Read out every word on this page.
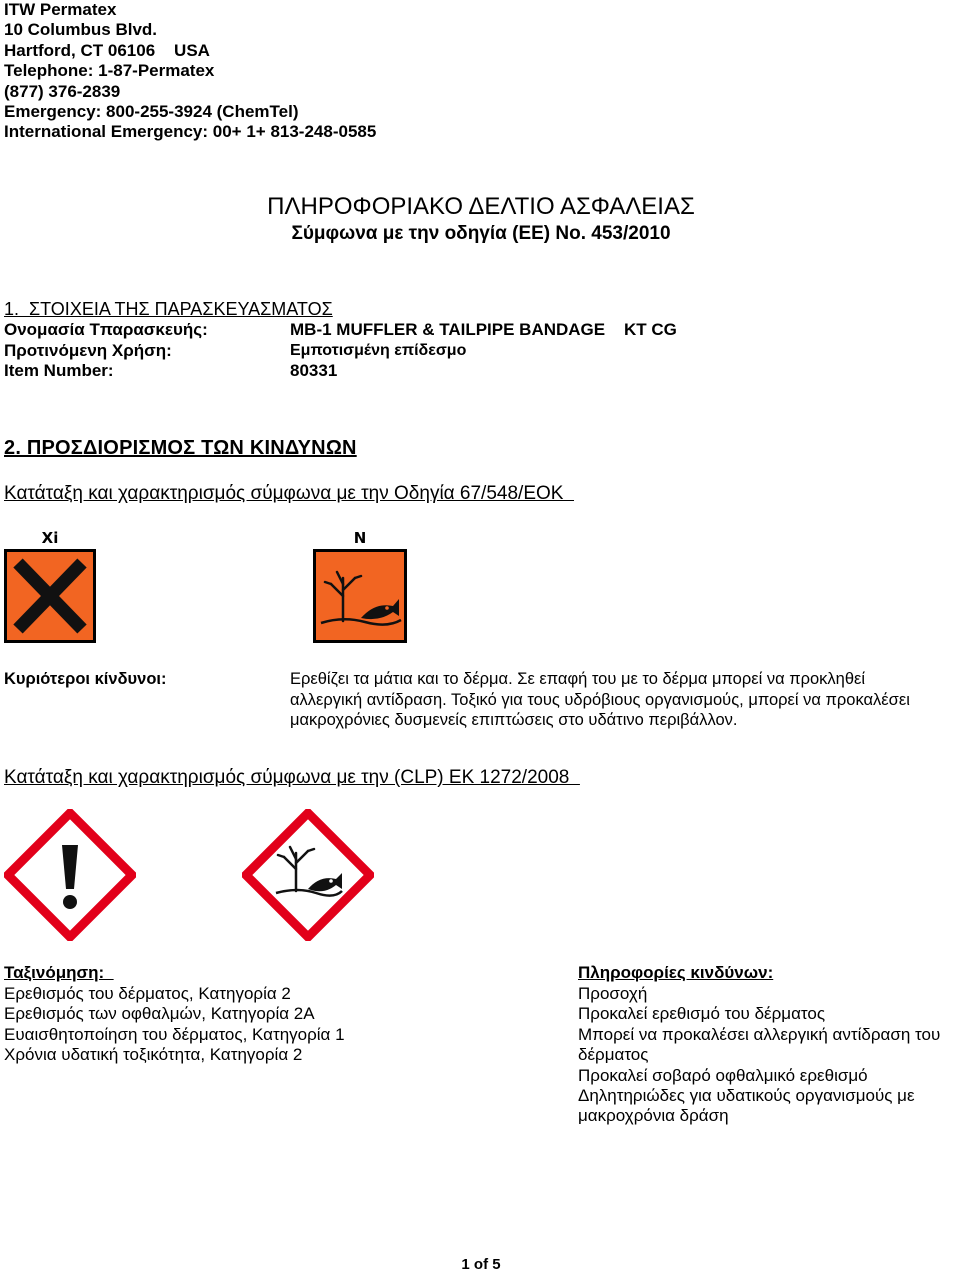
ITW Permatex
10 Columbus Blvd.
Hartford, CT 06106    USA
Telephone: 1-87-Permatex
(877) 376-2839
Emergency: 800-255-3924 (ChemTel)
International Emergency: 00+ 1+ 813-248-0585
ΠΛΗΡΟΦΟΡΙΑΚΟ ΔΕΛΤΙΟ ΑΣΦΑΛΕΙΑΣ
Σύμφωνα με την οδηγία (ΕΕ) Νο. 453/2010
1.  ΣΤΟΙΧΕΙΑ ΤΗΣ ΠΑΡΑΣΚΕΥΑΣΜΑΤΟΣ
Ονομασία Τπαρασκευής:	MB-1 MUFFLER & TAILPIPE BANDAGE    KT CG
Προτινόμενη Χρήση:	Εμποτισμένη επίδεσμο
Item Number:	80331
2. ΠΡΟΣΔΙΟΡΙΣΜΟΣ ΤΩΝ ΚΙΝΔΥΝΩΝ
Κατάταξη και χαρακτηρισμός σύμφωνα με την Οδηγία 67/548/ΕΟΚ
Xi	N
Κυριότεροι κίνδυνοι:	Ερεθίζει τα μάτια και το δέρμα. Σε επαφή του με το δέρμα μπορεί να προκληθεί
αλλεργική αντίδραση. Τοξικό για τους υδρόβιους οργανισμούς, μπορεί να προκαλέσει
μακροχρόνιες δυσμενείς επιπτώσεις στο υδάτινο περιβάλλον.
Κατάταξη και χαρακτηρισμός σύμφωνα με την (CLP) ΕΚ 1272/2008
Ταξινόμηση:
Ερεθισμός του δέρματος, Κατηγορία 2
Ερεθισμός των οφθαλμών, Κατηγορία 2A
Ευαισθητοποίηση του δέρματος, Κατηγορία 1
Χρόνια υδατική τοξικότητα, Κατηγορία 2
Πληροφορίες κινδύνων:
Προσοχή
Προκαλεί ερεθισμό του δέρματος
Μπορεί να προκαλέσει αλλεργική αντίδραση του
δέρματος
Προκαλεί σοβαρό οφθαλμικό ερεθισμό
Δηλητηριώδες για υδατικούς οργανισμούς με
μακροχρόνια δράση
1 of 5
